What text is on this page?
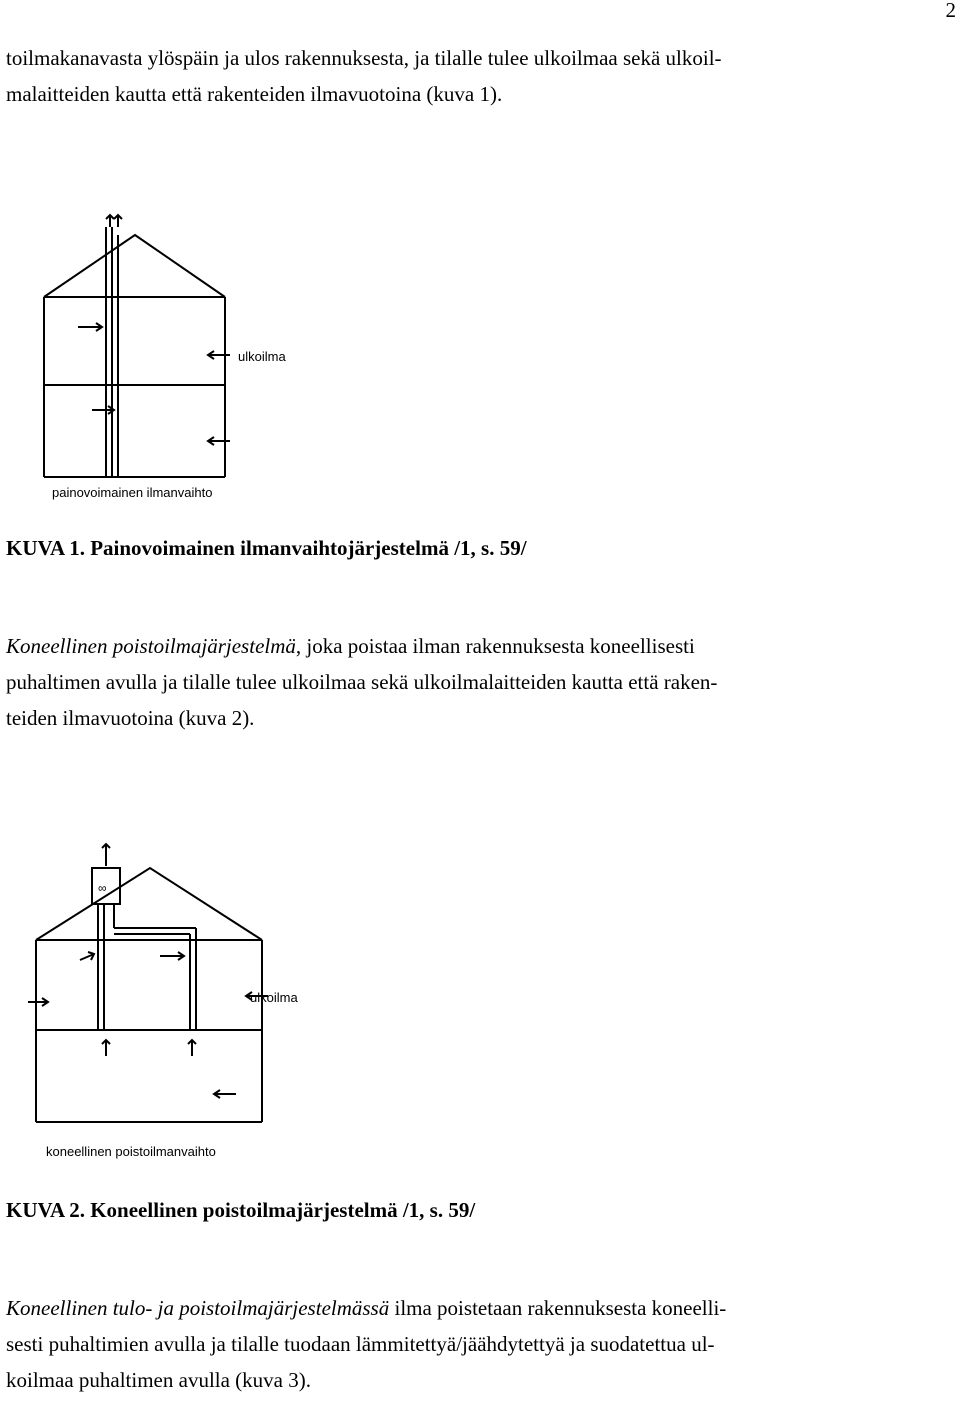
2
toilmakanavasta ylöspäin ja ulos rakennuksesta, ja tilalle tulee ulkoilmaa sekä ulkoil-
malaitteiden kautta että rakenteiden ilmavuotoina (kuva 1).
ulkoilma
painovoimainen ilmanvaihto
KUVA 1. Painovoimainen ilmanvaihtojärjestelmä /1, s. 59/
Koneellinen poistoilmajärjestelmä, joka poistaa ilman rakennuksesta koneellisesti
puhaltimen avulla ja tilalle tulee ulkoilmaa sekä ulkoilmalaitteiden kautta että raken-
teiden ilmavuotoina (kuva 2).
∞
ulkoilma
koneellinen poistoilmanvaihto
KUVA 2. Koneellinen poistoilmajärjestelmä /1, s. 59/
Koneellinen tulo- ja poistoilmajärjestelmässä ilma poistetaan rakennuksesta koneelli-
sesti puhaltimien avulla ja tilalle tuodaan lämmitettyä/jäähdytettyä ja suodatettua ul-
koilmaa puhaltimen avulla (kuva 3).
